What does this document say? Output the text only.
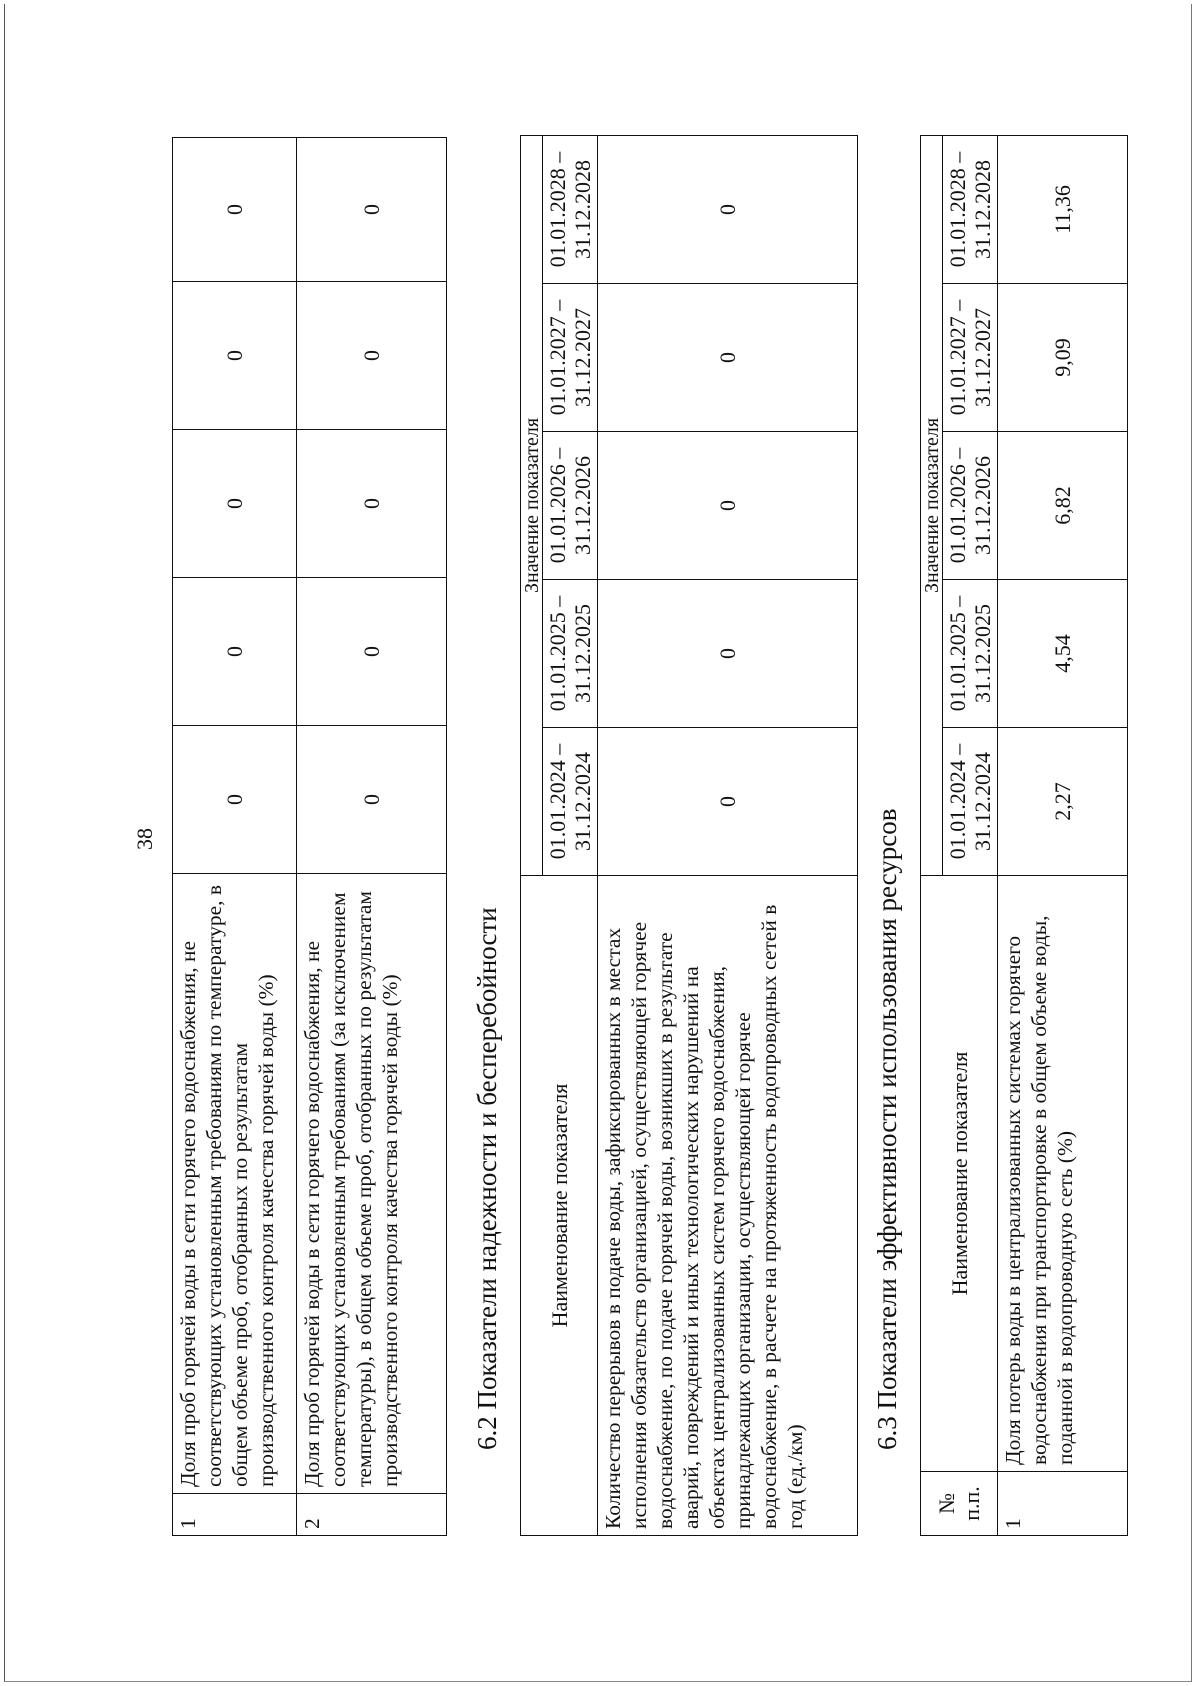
38
1	Доля проб горячей воды в сети горячего водоснабжения, не соответствующих установленным требованиям по температуре, в общем объеме проб, отобранных по результатам производственного контроля качества горячей воды (%)	0	0	0	0	0
2	Доля проб горячей воды в сети горячего водоснабжения, не соответствующих установленным требованиям (за исключением температуры), в общем объеме проб, отобранных по результатам производственного контроля качества горячей воды (%)	0	0	0	0	0
6.2 Показатели надежности и бесперебойности Наименование показателя	Значение показателя				
	01.01.2024 – 31.12.2024	01.01.2025 – 31.12.2025	01.01.2026 – 31.12.2026	01.01.2027 – 31.12.2027	01.01.2028 – 31.12.2028
Количество перерывов в подаче воды, зафиксированных в местах исполнения обязательств организацией, осуществляющей горячее водоснабжение, по подаче горячей воды, возникших в результате аварий, повреждений и иных технологических нарушений на объектах централизованных систем горячего водоснабжения, принадлежащих организации, осуществляющей горячее водоснабжение, в расчете на протяженность водопроводных сетей в год (ед./км)	0	0	0	0	0
6.3 Показатели эффективности использования ресурсов
№ п.п.	Наименование показателя	Значение показателя				
		01.01.2024 – 31.12.2024	01.01.2025 – 31.12.2025	01.01.2026 – 31.12.2026	01.01.2027 – 31.12.2027	01.01.2028 – 31.12.2028
1	Доля потерь воды в централизованных системах горячего водоснабжения при транспортировке в общем объеме воды, поданной в водопроводную сеть (%)	2,27	4,54	6,82	9,09	11,36
